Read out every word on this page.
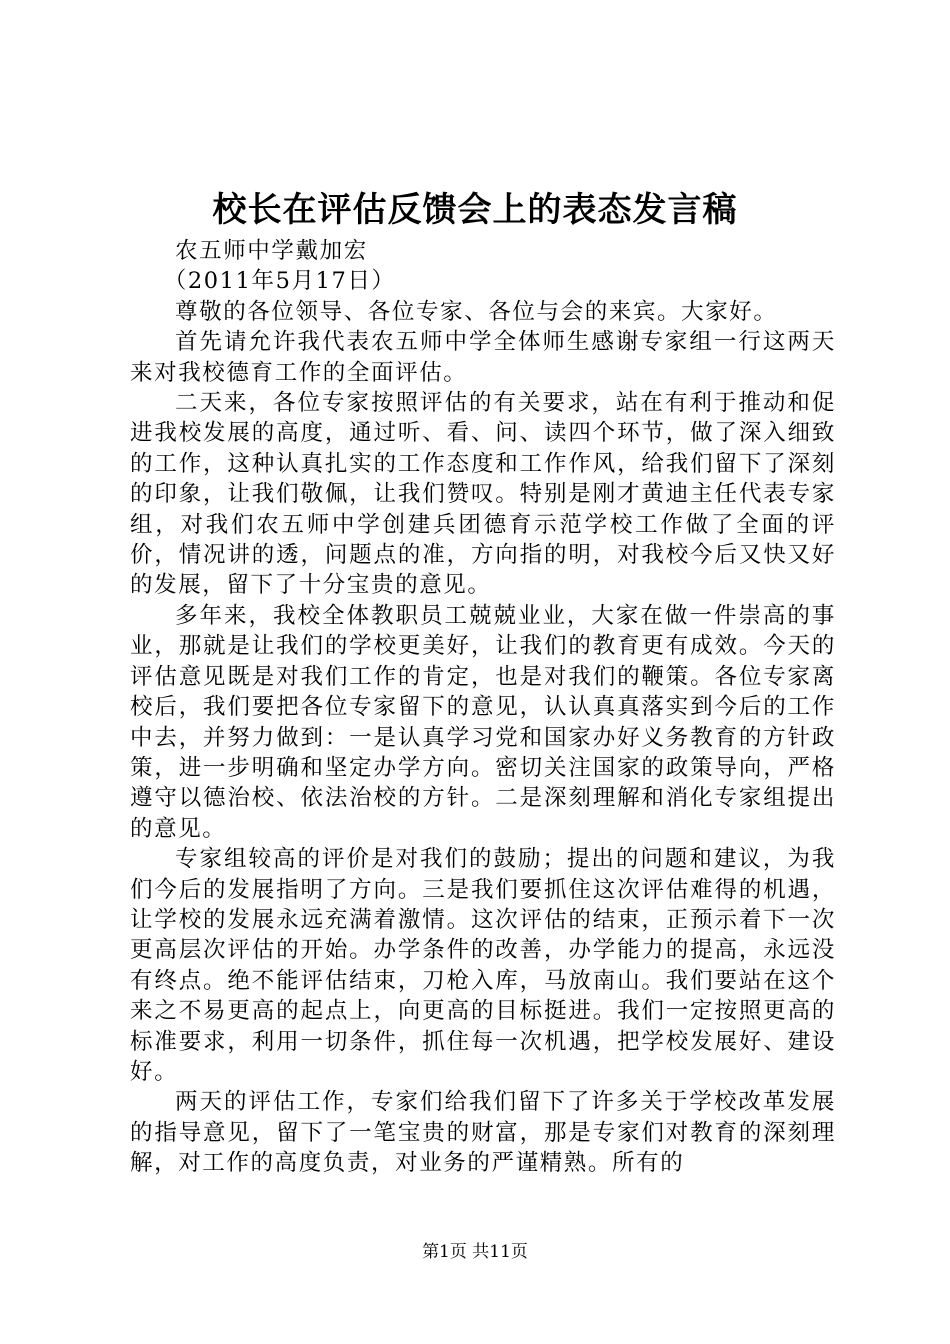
校长在评估反馈会上的表态发言稿

农五师中学戴加宏

（2011年5月17日）

尊敬的各位领导、各位专家、各位与会的来宾。大家好。

首先请允许我代表农五师中学全体师生感谢专家组一行这两天来对我校德育工作的全面评估。

二天来，各位专家按照评估的有关要求，站在有利于推动和促进我校发展的高度，通过听、看、问、读四个环节，做了深入细致的工作，这种认真扎实的工作态度和工作作风，给我们留下了深刻的印象，让我们敬佩，让我们赞叹。特别是刚才黄迪主任代表专家组，对我们农五师中学创建兵团德育示范学校工作做了全面的评价，情况讲的透，问题点的准，方向指的明，对我校今后又快又好的发展，留下了十分宝贵的意见。

多年来，我校全体教职员工兢兢业业，大家在做一件崇高的事业，那就是让我们的学校更美好，让我们的教育更有成效。今天的评估意见既是对我们工作的肯定，也是对我们的鞭策。各位专家离校后，我们要把各位专家留下的意见，认认真真落实到今后的工作中去，并努力做到：一是认真学习党和国家办好义务教育的方针政策，进一步明确和坚定办学方向。密切关注国家的政策导向，严格遵守以德治校、依法治校的方针。二是深刻理解和消化专家组提出的意见。

专家组较高的评价是对我们的鼓励；提出的问题和建议，为我们今后的发展指明了方向。三是我们要抓住这次评估难得的机遇，让学校的发展永远充满着激情。这次评估的结束，正预示着下一次更高层次评估的开始。办学条件的改善，办学能力的提高，永远没有终点。绝不能评估结束，刀枪入库，马放南山。我们要站在这个来之不易更高的起点上，向更高的目标挺进。我们一定按照更高的标准要求，利用一切条件，抓住每一次机遇，把学校发展好、建设好。

两天的评估工作，专家们给我们留下了许多关于学校改革发展的指导意见，留下了一笔宝贵的财富，那是专家们对教育的深刻理解，对工作的高度负责，对业务的严谨精熟。所有的

第1页 共11页
